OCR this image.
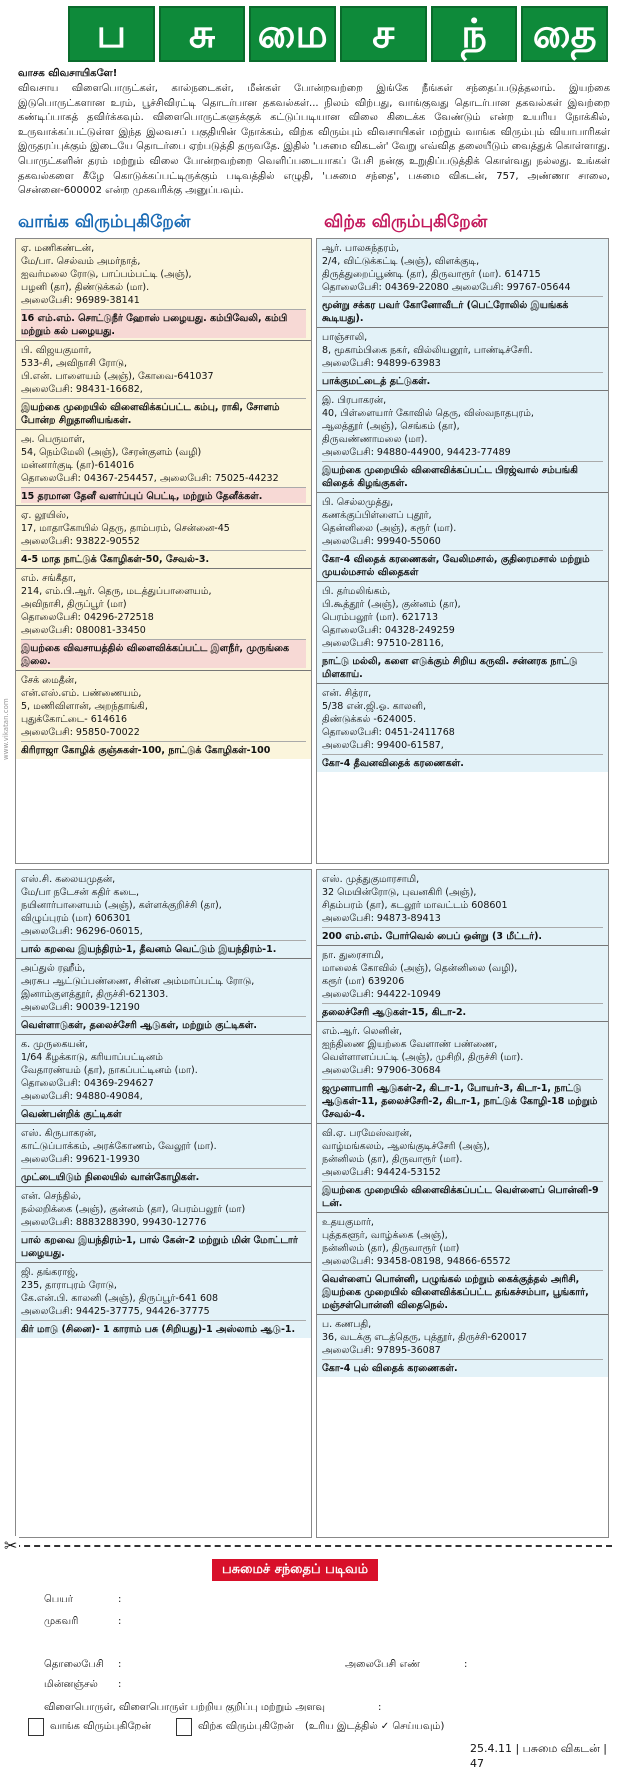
ப சு மை ச ந் தை
வாசக விவசாயிகளே!
விவசாய விளைபொருட்கள், கால்நடைகள், மீன்கள் போன்றவற்றை இங்கே நீங்கள் சந்தைப்படுத்தலாம். இயற்கை இடுபொருட்களான உரம், பூச்சிவிரட்டி தொடர்பான தகவல்கள்... நிலம் விற்பது, வாங்குவது தொடர்பான தகவல்கள் இவற்றை கண்டிப்பாகத் தவிர்க்கவும். விளைபொருட்களுக்குக் கட்டுப்படியான விலை கிடைக்க வேண்டும் என்ற உயரிய நோக்கில், உருவாக்கப்பட்டுள்ள இந்த இலவசப் பகுதியின் நோக்கம், விற்க விரும்பும் விவசாயிகள் மற்றும் வாங்க விரும்பும் வியாபாரிகள் இருதரப்புக்கும் இடையே தொடர்பை ஏற்படுத்தி தருவதே. இதில் 'பசுமை விகடன்' வேறு எவ்வித தலையீடும் வைத்துக் கொள்ளாது. பொருட்களின் தரம் மற்றும் விலை போன்றவற்றை வெளிப்படையாகப் பேசி நன்கு உறுதிப்படுத்திக் கொள்வது நல்லது. உங்கள் தகவல்களை கீழே கொடுக்கப்பட்டிருக்கும் படிவத்தில் எழுதி, 'பசுமை சந்தை', பசுமை விகடன், 757, அண்ணா சாலை, சென்னை-600002 என்ற முகவரிக்கு அனுப்பவும்.
வாங்க விரும்புகிறேன்	விற்க விரும்புகிறேன்
ஏ. மணிகண்டன்,
மே/பா. செல்வம் அமர்நாத்,
ஐவர்மலை ரோடு, பாப்பம்பட்டி (அஞ்),
பழனி (தா), திண்டுக்கல் (மா).
அலைபேசி: 96989-38141
16 எம்.எம். சொட்டுநீர் ஹோஸ் பழையது. கம்பிவேலி, கம்பி மற்றும் கல் பழையது.
பி. விஜயகுமார்,
533-சி, அவிநாசி ரோடு,
பி.என். பாளையம் (அஞ்), கோவை-641037
அலைபேசி: 98431-16682,
இயற்கை முறையில் விளைவிக்கப்பட்ட கம்பு, ராகி, சோளம் போன்ற சிறுதானியங்கள்.
அ. பெருமாள்,
54, நெம்மேலி (அஞ்), சேரன்குளம் (வழி)
மன்னார்குடி (தா)-614016
தொலைபேசி: 04367-254457, அலைபேசி: 75025-44232
15 தரமான தேனீ வளர்ப்புப் பெட்டி, மற்றும் தேனீக்கள்.
ஏ. லூயிஸ்,
17, மாதாகோயில் தெரு, தாம்பரம், சென்னை-45
அலைபேசி: 93822-90552
4-5 மாத நாட்டுக் கோழிகள்-50, சேவல்-3.
எம். சங்கீதா,
214, எம்.பி.ஆர். தெரு, மடத்துப்பாளையம்,
அவிநாசி, திருப்பூர் (மா)
தொலைபேசி: 04296-272518
அலைபேசி: 080081-33450
இயற்கை விவசாயத்தில் விளைவிக்கப்பட்ட இளநீர், முருங்கை இலை.
சேக் மைதீன்,
என்.எஸ்.எம். பண்ணையம்,
5, மணிவிளான், அறந்தாங்கி,
புதுக்கோட்டை- 614616
அலைபேசி: 95850-70022
கிரிராஜா கோழிக் குஞ்சுகள்-100, நாட்டுக் கோழிகள்-100
ஆர். பாலசுந்தரம்,
2/4, விட்டுக்கட்டி (அஞ்), விளக்குடி,
திருத்துறைப்பூண்டி (தா), திருவாரூர் (மா). 614715
தொலைபேசி: 04369-22080 அலைபேசி: 99767-05644
மூன்று சக்கர பவர் கோனோவீடர் (பெட்ரோலில் இயங்கக் கூடியது).
பாஞ்சாலி,
8, மூகாம்பிகை நகர், வில்லியனூர், பாண்டிச்சேரி.
அலைபேசி: 94899-63983
பாக்குமட்டைத் தட்டுகள்.
இ. பிரபாகரன்,
40, பிள்ளையார் கோவில் தெரு, விஸ்வநாதபுரம்,
ஆலத்தூர் (அஞ்), செங்கம் (தா),
திருவண்ணாமலை (மா).
அலைபேசி: 94880-44900, 94423-77489
இயற்கை முறையில் விளைவிக்கப்பட்ட பிரஜ்வால் சம்பங்கி விதைக் கிழங்குகள்.
பி. செல்லமுத்து,
கணக்குப்பிள்ளைப் புதூர்,
தென்னிலை (அஞ்), கரூர் (மா).
அலைபேசி: 99940-55060
கோ-4 விதைக் கரணைகள், வேலிமசால், குதிரைமசால் மற்றும் முயல்மசால் விதைகள்
பி. தர்மலிங்கம்,
பி.கூத்தூர் (அஞ்), குன்னம் (தா),
பெரம்பலூர் (மா). 621713
தொலைபேசி: 04328-249259
அலைபேசி: 97510-28116,
நாட்டு மல்லி, களை எடுக்கும் சிறிய கருவி. சன்னரக நாட்டு மிளகாய்.
என். சித்ரா,
5/38 என்.ஜி.ஓ. காலனி,
திண்டுக்கல் -624005.
தொலைபேசி: 0451-2411768
அலைபேசி: 99400-61587,
கோ-4 தீவனவிதைக் கரணைகள்.
எஸ்.சி. கலையமுதன்,
மே/பா நடேசன் கதிர் கடை,
நயினார்பாளையம் (அஞ்), கள்ளக்குறிச்சி (தா),
விழுப்புரம் (மா) 606301
அலைபேசி: 96296-06015,
பால் கறவை இயந்திரம்-1, தீவனம் வெட்டும் இயந்திரம்-1.
அப்துல் ரஹீம்,
அரசுப ஆட்டுப்பண்ணை, சின்ன அம்மாப்பட்டி ரோடு,
இனாம்குளத்தூர், திருச்சி-621303.
அலைபேசி: 90039-12190
வெள்ளாடுகள், தலைச்சேரி ஆடுகள், மற்றும் குட்டிகள்.
க. முருகையன்,
1/64 கீழக்காடு, கரியாப்பட்டினம்
வேதாரண்யம் (தா), நாகப்பட்டினம் (மா).
தொலைபேசி: 04369-294627
அலைபேசி: 94880-49084,
வெண்பன்றிக் குட்டிகள்
எஸ். கிருபாகரன்,
காட்டுப்பாக்கம், அரக்கோணம், வேலூர் (மா).
அலைபேசி: 99621-19930
முட்டையிடும் நிலையில் வான்கோழிகள்.
என். செந்தில்,
நல்லறிக்கை (அஞ்), குன்னம் (தா), பெரம்பலூர் (மா)
அலைபேசி: 8883288390, 99430-12776
பால் கறவை இயந்திரம்-1, பால் கேன்-2 மற்றும் மின் மோட்டார் பழையது.
ஜி. தங்கராஜ்,
235, தாராபுரம் ரோடு,
கே.என்.பி. காலனி (அஞ்), திருப்பூர்-641 608
அலைபேசி: 94425-37775, 94426-37775
கிர் மாடு (சினை)- 1 காராம் பசு (சிறியது)-1 அஸ்லாம் ஆடு-1.
எஸ். முத்துகுமாரசாமி,
32 மெயின்ரோடு, புவனகிரி (அஞ்),
சிதம்பரம் (தா), கடலூர் மாவட்டம் 608601
அலைபேசி: 94873-89413
200 எம்.எம். போர்வெல் பைப் ஒன்று (3 மீட்டர்).
நா. துரைசாமி,
மாலைக் கோவில் (அஞ்), தென்னிலை (வழி),
கரூர் (மா) 639206
அலைபேசி: 94422-10949
தலைச்சேரி ஆடுகள்-15, கிடா-2.
எம்.ஆர். லெனின்,
ஐந்திணை இயற்கை வேளாண் பண்ணை,
வெள்ளாளப்பட்டி (அஞ்), முசிறி, திருச்சி (மா).
அலைபேசி: 97906-30684
ஜமுனாபாரி ஆடுகள்-2, கிடா-1, போயர்-3, கிடா-1, நாட்டு ஆடுகள்-11, தலைச்சேரி-2, கிடா-1, நாட்டுக் கோழி-18 மற்றும் சேவல்-4.
வி.ஏ. பரமேஸ்வரன்,
வாழ்மங்கலம், ஆலங்குடிச்சேரி (அஞ்),
நன்னிலம் (தா), திருவாரூர் (மா).
அலைபேசி: 94424-53152
இயற்கை முறையில் விளைவிக்கப்பட்ட வெள்ளைப் பொன்னி-9 டன்.
உதயகுமார்,
புத்தகளூர், வாழ்க்கை (அஞ்),
நன்னிலம் (தா), திருவாரூர் (மா)
அலைபேசி: 93458-08198, 94866-65572
வெள்ளைப் பொன்னி, பழுங்கல் மற்றும் கைக்குத்தல் அரிசி, இயற்கை முறையில் விளைவிக்கப்பட்ட தங்கச்சம்பா, பூங்கார், மஞ்சள்பொன்னி விதைநெல்.
ப. கணபதி,
36, வடக்கு எடத்தெரு, புத்தூர், திருச்சி-620017
அலைபேசி: 97895-36087
கோ-4 புல் விதைக் கரணைகள்.
www.vikatan.com
✂
பசுமைச் சந்தைப் படிவம்
பெயர்	:
முகவரி	:
தொலைபேசி :	அலைபேசி எண்	:
மின்னஞ்சல் :
விளைபொருள், விளைபொருள் பற்றிய குறிப்பு மற்றும் அளவு	:
வாங்க விரும்புகிறேன்	விற்க விரும்புகிறேன் (உரிய இடத்தில் ✓ செய்யவும்)
25.4.11 | பசுமை விகடன் | 47
